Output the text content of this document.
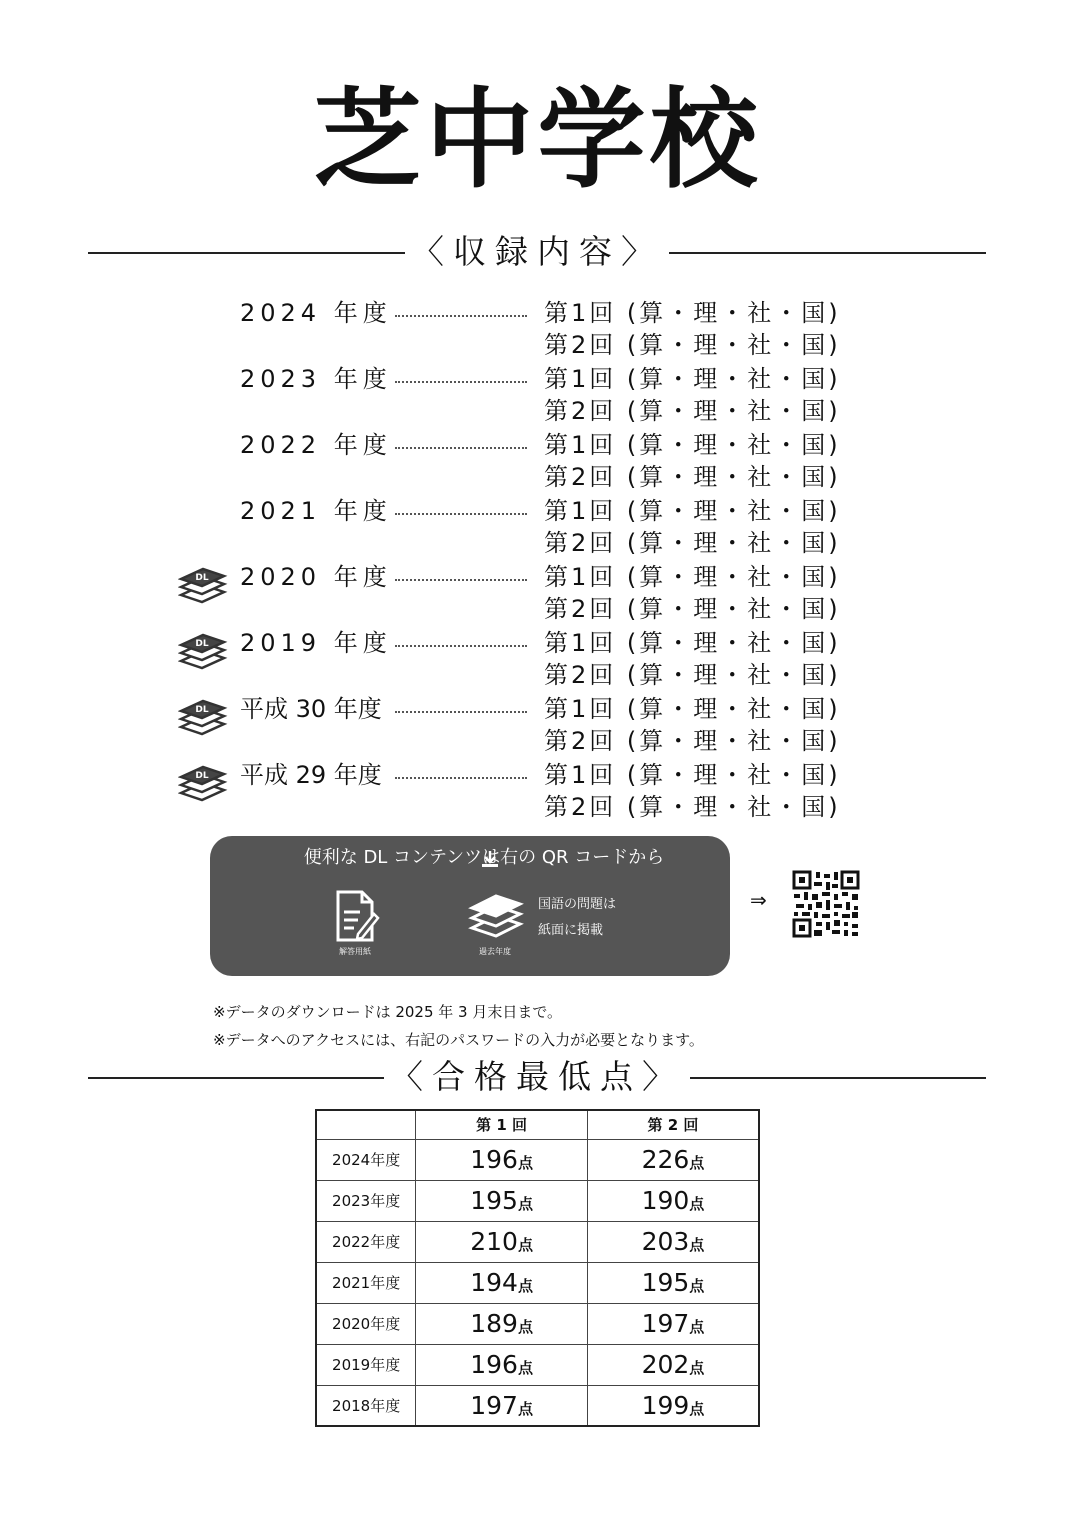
芝中学校
〈収録内容〉
2024 年度	第1回 (算・理・社・国)
第2回 (算・理・社・国)
2023 年度	第1回 (算・理・社・国)
第2回 (算・理・社・国)
2022 年度	第1回 (算・理・社・国)
第2回 (算・理・社・国)
2021 年度	第1回 (算・理・社・国)
第2回 (算・理・社・国)
DL 2020 年度	第1回 (算・理・社・国)
第2回 (算・理・社・国)
DL 2019 年度	第1回 (算・理・社・国)
第2回 (算・理・社・国)
DL 平成 30 年度	第1回 (算・理・社・国)
第2回 (算・理・社・国)
DL 平成 29 年度	第1回 (算・理・社・国)
第2回 (算・理・社・国)
便利な DL コンテンツは右の QR コードから
解答用紙	過去年度
国語の問題は
紙面に掲載
⇒
※データのダウンロードは 2025 年 3 月末日まで。
※データへのアクセスには、右記のパスワードの入力が必要となります。
〈合格最低点〉
	第 1 回	第 2 回
2024年度	196点	226点
2023年度	195点	190点
2022年度	210点	203点
2021年度	194点	195点
2020年度	189点	197点
2019年度	196点	202点
2018年度	197点	199点
